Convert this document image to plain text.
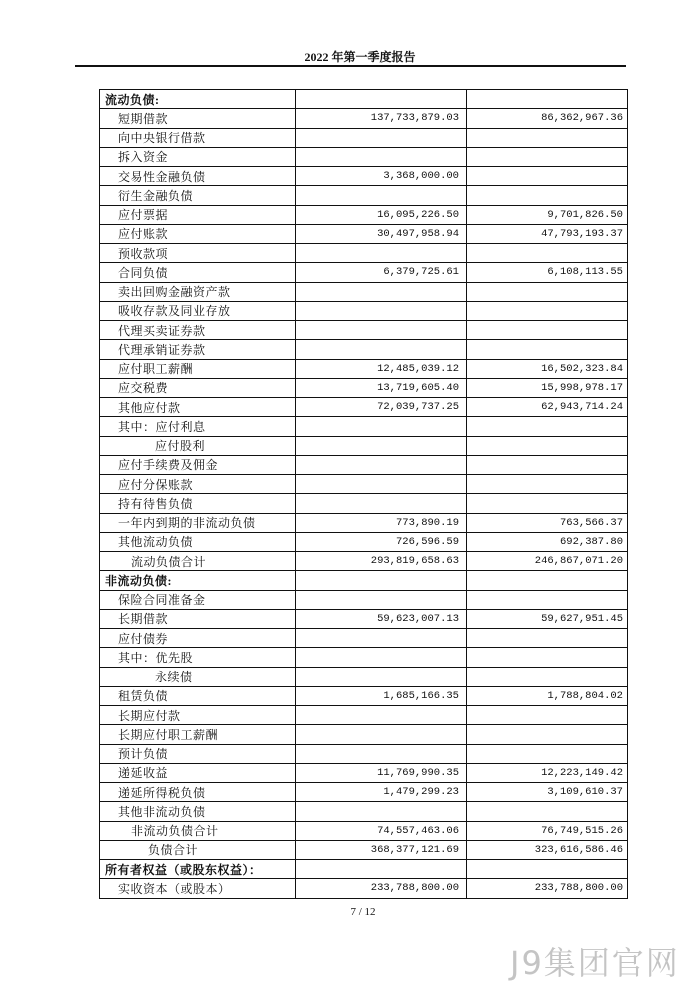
2022 年第一季度报告
流动负债:
短期借款	137,733,879.03	86,362,967.36
向中央银行借款
拆入资金
交易性金融负债	3,368,000.00
衍生金融负债
应付票据	16,095,226.50	9,701,826.50
应付账款	30,497,958.94	47,793,193.37
预收款项
合同负债	6,379,725.61	6,108,113.55
卖出回购金融资产款
吸收存款及同业存放
代理买卖证券款
代理承销证券款
应付职工薪酬	12,485,039.12	16,502,323.84
应交税费	13,719,605.40	15,998,978.17
其他应付款	72,039,737.25	62,943,714.24
其中：应付利息
应付股利
应付手续费及佣金
应付分保账款
持有待售负债
一年内到期的非流动负债	773,890.19	763,566.37
其他流动负债	726,596.59	692,387.80
流动负债合计	293,819,658.63	246,867,071.20
非流动负债:
保险合同准备金
长期借款	59,623,007.13	59,627,951.45
应付债券
其中：优先股
永续债
租赁负债	1,685,166.35	1,788,804.02
长期应付款
长期应付职工薪酬
预计负债
递延收益	11,769,990.35	12,223,149.42
递延所得税负债	1,479,299.23	3,109,610.37
其他非流动负债
非流动负债合计	74,557,463.06	76,749,515.26
负债合计	368,377,121.69	323,616,586.46
所有者权益（或股东权益）：
实收资本（或股本）	233,788,800.00	233,788,800.00
7 / 12
J9集团官网
